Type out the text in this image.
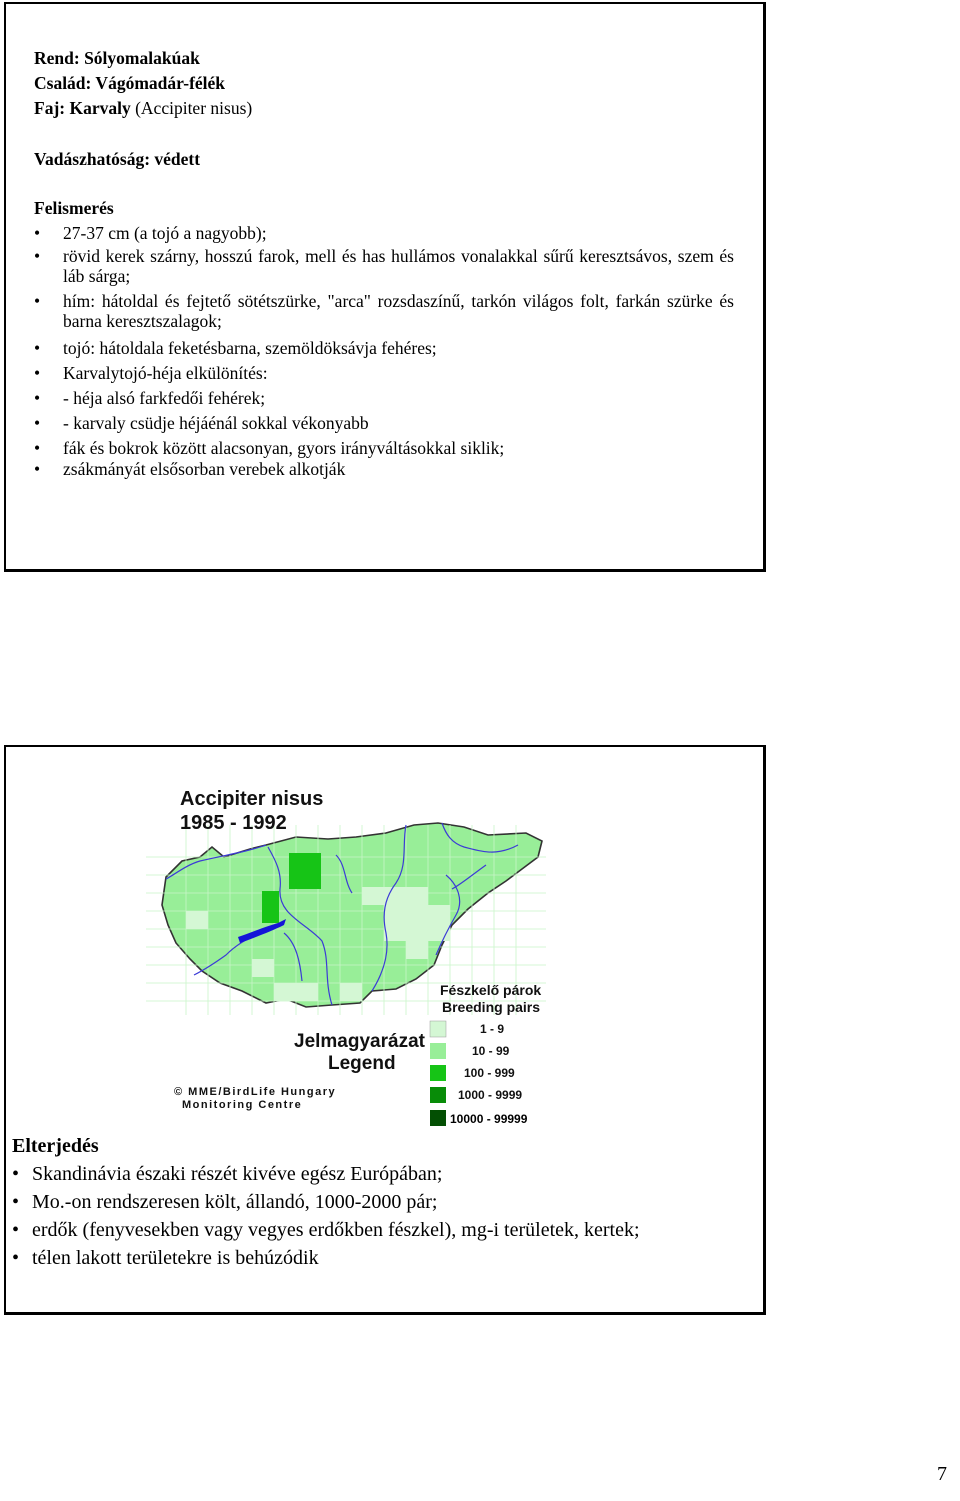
Rend: Sólyomalakúak
Család: Vágómadár-félék
Faj: Karvaly (Accipiter nisus)
Vadászhatóság: védett
Felismerés
• 27-37 cm (a tojó a nagyobb);
• rövid kerek szárny, hosszú farok, mell és has hullámos vonalakkal sűrű keresztsávos, szem és láb sárga;
• hím: hátoldal és fejtető sötétszürke, "arca" rozsdaszínű, tarkón világos folt, farkán szürke és barna keresztszalagok;
• tojó: hátoldala feketésbarna, szemöldöksávja fehéres;
• Karvalytojó-héja elkülönítés:
• - héja alsó farkfedői fehérek;
• - karvaly csüdje héjáénál sokkal vékonyabb
• fák és bokrok között alacsonyan, gyors irányváltásokkal siklik;
• zsákmányát elsősorban verebek alkotják
Accipiter nisus
1985 - 1992
Jelmagyarázat
Legend
Fészkelő párok
Breeding pairs
1 - 9
10 - 99
100 - 999
1000 - 9999
© MME/BirdLife Hungary
Monitoring Centre
10000 - 99999
Elterjedés
• Skandinávia északi részét kivéve egész Európában;
• Mo.-on rendszeresen költ, állandó, 1000-2000 pár;
• erdők (fenyvesekben vagy vegyes erdőkben fészkel), mg-i területek, kertek;
• télen lakott területekre is behúzódik
7
